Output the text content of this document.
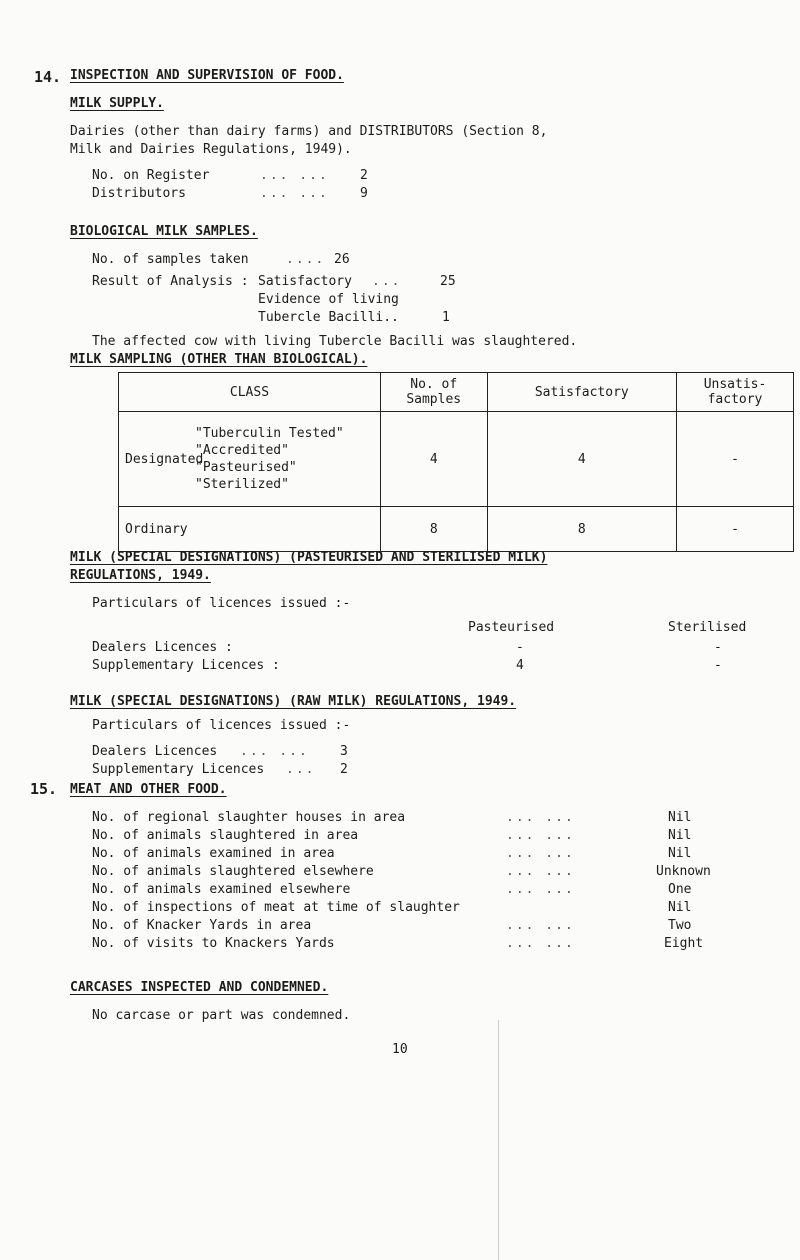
14. INSPECTION AND SUPERVISION OF FOOD.
MILK SUPPLY.
Dairies (other than dairy farms) and DISTRIBUTORS (Section 8,
Milk and Dairies Regulations, 1949).
No. on Register	... ... 2
Distributors	... ... 9
BIOLOGICAL MILK SAMPLES.
No. of samples taken	.... 26
Result of Analysis : Satisfactory ...	25
Evidence of living
Tubercle Bacilli..	1
The affected cow with living Tubercle Bacilli was slaughtered.
MILK SAMPLING (OTHER THAN BIOLOGICAL).
CLASS	No. of Samples	Satisfactory	Unsatis-factory

Designated
"Tuberculin Tested"
"Accredited"
"Pasteurised"
"Sterilized"	4	4	-
Ordinary	8	8	-
MILK (SPECIAL DESIGNATIONS) (PASTEURISED AND STERILISED MILK)
REGULATIONS, 1949.
Particulars of licences issued :-
Pasteurised	Sterilised
Dealers Licences :	-	-
Supplementary Licences :	4	-
MILK (SPECIAL DESIGNATIONS) (RAW MILK) REGULATIONS, 1949.
Particulars of licences issued :-
Dealers Licences ... ... 3
Supplementary Licences ... 2
15. MEAT AND OTHER FOOD.
No. of regional slaughter houses in area	... ...	Nil
No. of animals slaughtered in area	... ...	Nil
No. of animals examined in area	... ...	Nil
No. of animals slaughtered elsewhere	... ...	Unknown
No. of animals examined elsewhere	... ...	One
No. of inspections of meat at time of slaughter	Nil
No. of Knacker Yards in area	... ...	Two
No. of visits to Knackers Yards	... ...	Eight
CARCASES INSPECTED AND CONDEMNED.
No carcase or part was condemned.
10
